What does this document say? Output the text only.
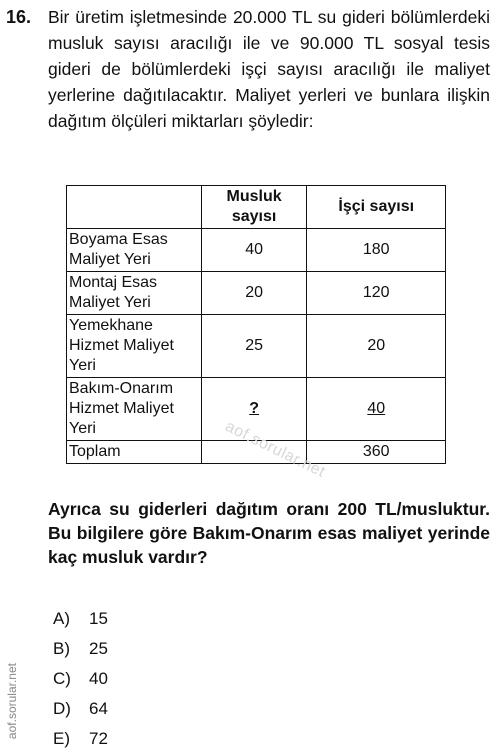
16. Bir üretim işletmesinde 20.000 TL su gideri bölümlerdeki musluk sayısı aracılığı ile ve 90.000 TL sosyal tesis gideri de bölümlerdeki işçi sayısı aracılığı ile maliyet yerlerine dağıtılacaktır. Maliyet yerleri ve bunlara ilişkin dağıtım ölçüleri miktarları şöyledir:

	Musluk sayısı	İşçi sayısı
Boyama Esas Maliyet Yeri	40	180
Montaj Esas Maliyet Yeri	20	120
Yemekhane Hizmet Maliyet Yeri	25	20
Bakım-Onarım Hizmet Maliyet Yeri	?	40
Toplam		360
aof.sorular.net

Ayrıca su giderleri dağıtım oranı 200 TL/musluktur. Bu bilgilere göre Bakım-Onarım esas maliyet yerinde kaç musluk vardır?

A)	15
B)	25
C)	40
D)	64
E)	72
aof.sorular.net
